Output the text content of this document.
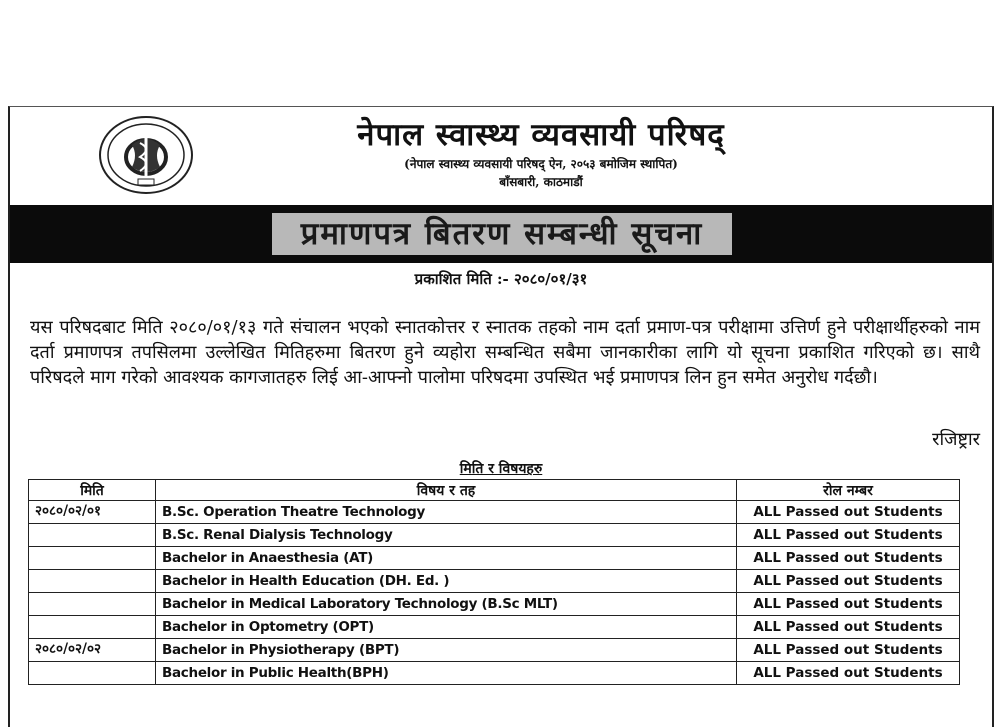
नेपाल स्वास्थ्य व्यवसायी परिषद्
(नेपाल स्वास्थ्य व्यवसायी परिषद् ऐन, २०५३ बमोजिम स्थापित)
बाँसबारी, काठमाडौं
प्रमाणपत्र बितरण सम्बन्धी सूचना
प्रकाशित मिति :- २०८०/०१/३१
यस परिषदबाट मिति २०८०/०१/१३ गते संचालन भएको स्नातकोत्तर र स्नातक तहको नाम दर्ता प्रमाण-पत्र परीक्षामा उत्तिर्ण हुने परीक्षार्थीहरुको नाम दर्ता प्रमाणपत्र तपसिलमा उल्लेखित मितिहरुमा बितरण हुने व्यहोरा सम्बन्धित सबैमा जानकारीका लागि यो सूचना प्रकाशित गरिएको छ। साथै परिषदले माग गरेको आवश्यक कागजातहरु लिई आ-आफ्नो पालोमा परिषदमा उपस्थित भई प्रमाणपत्र लिन हुन समेत अनुरोध गर्दछौ।
रजिष्ट्रार
मिति र विषयहरु
मिति	विषय र तह	रोल नम्बर
२०८०/०२/०१	B.Sc. Operation Theatre Technology	ALL Passed out Students
	B.Sc. Renal Dialysis Technology	ALL Passed out Students
	Bachelor in Anaesthesia (AT)	ALL Passed out Students
	Bachelor in Health Education (DH. Ed. )	ALL Passed out Students
	Bachelor in Medical Laboratory Technology (B.Sc MLT)	ALL Passed out Students
	Bachelor in Optometry (OPT)	ALL Passed out Students
२०८०/०२/०२	Bachelor in Physiotherapy (BPT)	ALL Passed out Students
	Bachelor in Public Health(BPH)	ALL Passed out Students
